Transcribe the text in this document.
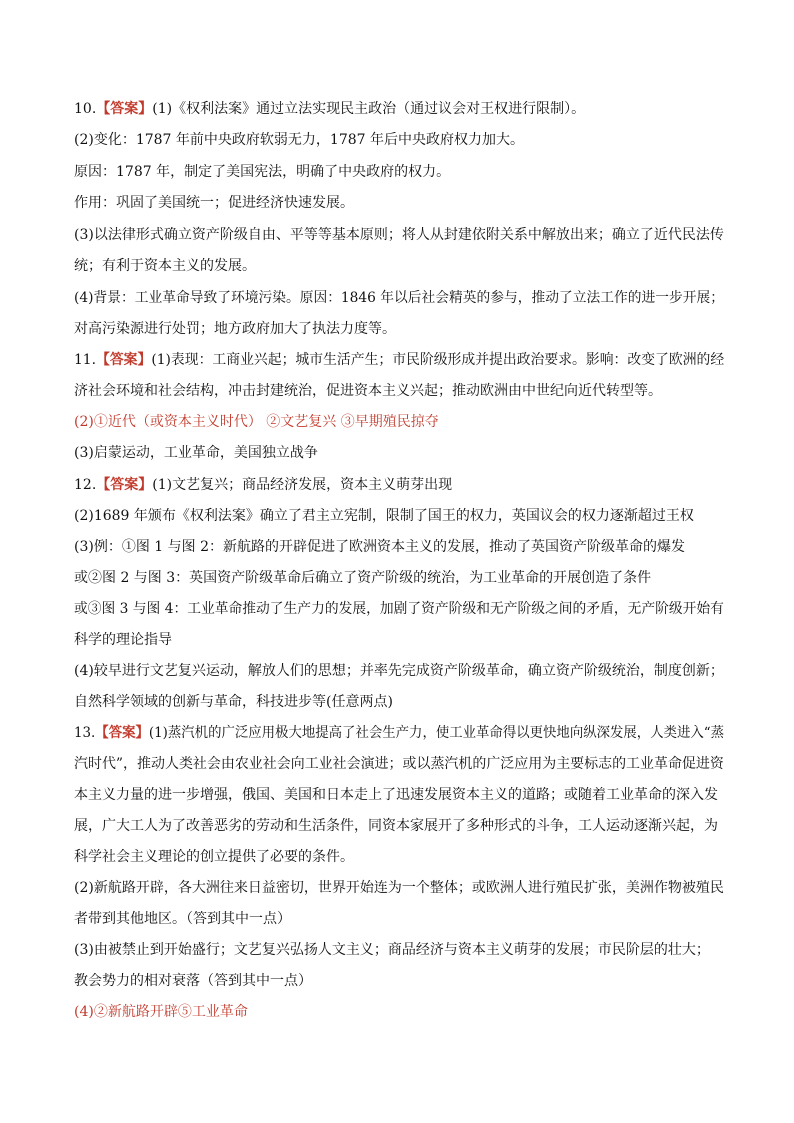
10.【答案】(1)《权利法案》通过立法实现民主政治（通过议会对王权进行限制）。
(2)变化：1787 年前中央政府软弱无力，1787 年后中央政府权力加大。
原因：1787 年，制定了美国宪法，明确了中央政府的权力。
作用：巩固了美国统一；促进经济快速发展。
(3)以法律形式确立资产阶级自由、平等等基本原则；将人从封建依附关系中解放出来；确立了近代民法传
统；有利于资本主义的发展。
(4)背景：工业革命导致了环境污染。原因：1846 年以后社会精英的参与，推动了立法工作的进一步开展；
对高污染源进行处罚；地方政府加大了执法力度等。
11.【答案】(1)表现：工商业兴起；城市生活产生；市民阶级形成并提出政治要求。影响：改变了欧洲的经
济社会环境和社会结构，冲击封建统治，促进资本主义兴起；推动欧洲由中世纪向近代转型等。
(2)①近代（或资本主义时代） ②文艺复兴 ③早期殖民掠夺
(3)启蒙运动，工业革命，美国独立战争
12.【答案】(1)文艺复兴；商品经济发展，资本主义萌芽出现
(2)1689 年颁布《权利法案》确立了君主立宪制，限制了国王的权力，英国议会的权力逐渐超过王权
(3)例：①图 1 与图 2：新航路的开辟促进了欧洲资本主义的发展，推动了英国资产阶级革命的爆发
或②图 2 与图 3：英国资产阶级革命后确立了资产阶级的统治，为工业革命的开展创造了条件
或③图 3 与图 4：工业革命推动了生产力的发展，加剧了资产阶级和无产阶级之间的矛盾，无产阶级开始有
科学的理论指导
(4)较早进行文艺复兴运动，解放人们的思想；并率先完成资产阶级革命，确立资产阶级统治，制度创新；
自然科学领域的创新与革命，科技进步等(任意两点)
13.【答案】(1)蒸汽机的广泛应用极大地提高了社会生产力，使工业革命得以更快地向纵深发展，人类进入“蒸
汽时代”，推动人类社会由农业社会向工业社会演进；或以蒸汽机的广泛应用为主要标志的工业革命促进资
本主义力量的进一步增强，俄国、美国和日本走上了迅速发展资本主义的道路；或随着工业革命的深入发
展，广大工人为了改善恶劣的劳动和生活条件，同资本家展开了多种形式的斗争，工人运动逐渐兴起，为
科学社会主义理论的创立提供了必要的条件。
(2)新航路开辟，各大洲往来日益密切，世界开始连为一个整体；或欧洲人进行殖民扩张，美洲作物被殖民
者带到其他地区。（答到其中一点）
(3)由被禁止到开始盛行；文艺复兴弘扬人文主义；商品经济与资本主义萌芽的发展；市民阶层的壮大；
教会势力的相对衰落（答到其中一点）
(4)②新航路开辟⑤工业革命
